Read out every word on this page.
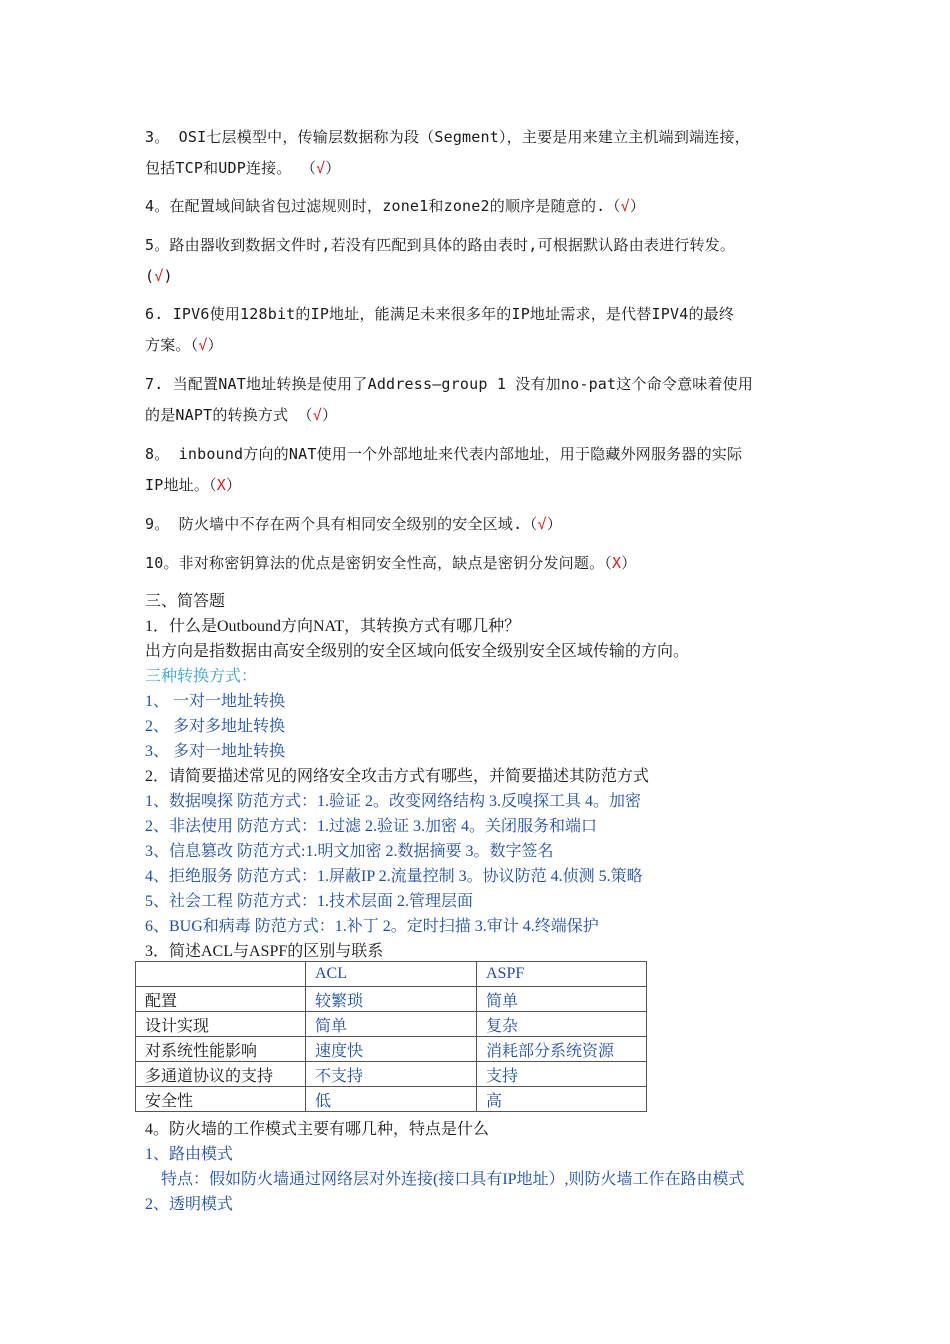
3。 OSI七层模型中，传输层数据称为段（Segment），主要是用来建立主机端到端连接，

包括TCP和UDP连接。 （√）

4。在配置域间缺省包过滤规则时，zone1和zone2的顺序是随意的.（√）

5。路由器收到数据文件时,若没有匹配到具体的路由表时,可根据默认路由表进行转发。

(√)

6. IPV6使用128bit的IP地址，能满足未来很多年的IP地址需求，是代替IPV4的最终

方案。（√）

7. 当配置NAT地址转换是使用了Address—group 1 没有加no-pat这个命令意味着使用

的是NAPT的转换方式 （√）

8。 inbound方向的NAT使用一个外部地址来代表内部地址，用于隐藏外网服务器的实际

IP地址。（X）

9。 防火墙中不存在两个具有相同安全级别的安全区域.（√）

10。非对称密钥算法的优点是密钥安全性高，缺点是密钥分发问题。（X）

三、简答题
1．什么是Outbound方向NAT，其转换方式有哪几种？
出方向是指数据由高安全级别的安全区域向低安全级别安全区域传输的方向。
三种转换方式：
1、 一对一地址转换
2、 多对多地址转换
3、 多对一地址转换
2．请简要描述常见的网络安全攻击方式有哪些，并简要描述其防范方式
1、数据嗅探 防范方式：1.验证 2。改变网络结构 3.反嗅探工具 4。加密
2、非法使用 防范方式：1.过滤 2.验证 3.加密 4。关闭服务和端口
3、信息篡改 防范方式:1.明文加密 2.数据摘要 3。数字签名
4、拒绝服务 防范方式：1.屏蔽IP 2.流量控制 3。协议防范 4.侦测 5.策略
5、社会工程 防范方式：1.技术层面 2.管理层面
6、BUG和病毒 防范方式：1.补丁 2。定时扫描 3.审计 4.终端保护
3．简述ACL与ASPF的区别与联系
	ACL	ASPF
配置	较繁琐	简单
设计实现	简单	复杂
对系统性能影响	速度快	消耗部分系统资源
多通道协议的支持	不支持	支持
安全性	低	高
4。防火墙的工作模式主要有哪几种，特点是什么
1、路由模式
特点：假如防火墙通过网络层对外连接(接口具有IP地址）,则防火墙工作在路由模式
2、透明模式
